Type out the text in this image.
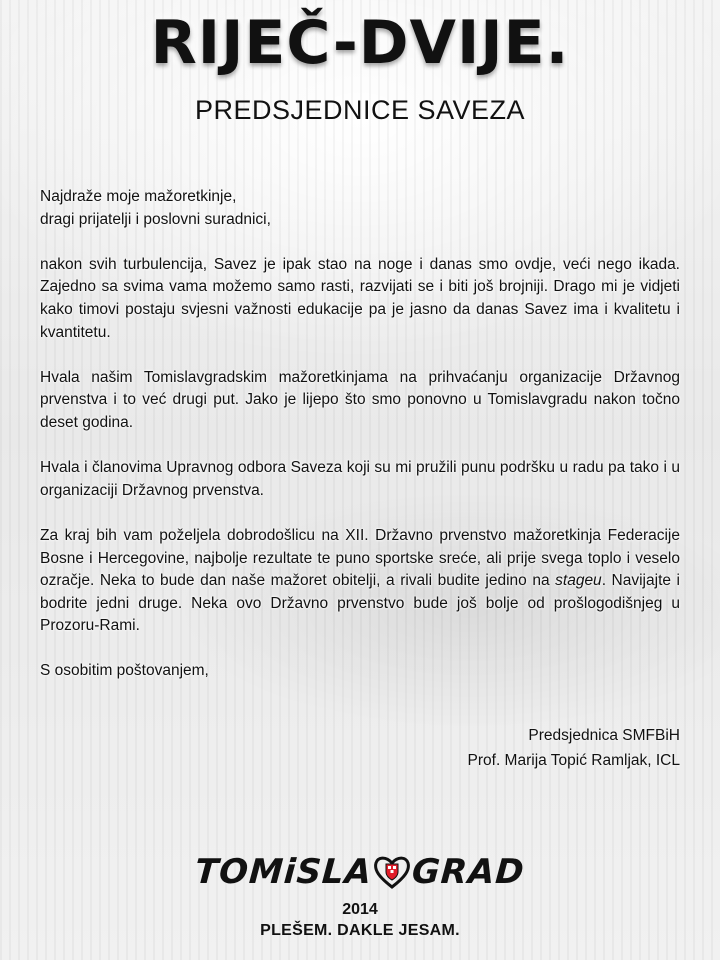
RIJEČ-DVIJE.
PREDSJEDNICE SAVEZA

Najdraže moje mažoretkinje,
dragi prijatelji i poslovni suradnici,

nakon svih turbulencija, Savez je ipak stao na noge i danas smo ovdje, veći nego ikada. Zajedno sa svima vama možemo samo rasti, razvijati se i biti još brojniji. Drago mi je vidjeti kako timovi postaju svjesni važnosti edukacije pa je jasno da danas Savez ima i kvalitetu i kvantitetu.

Hvala našim Tomislavgradskim mažoretkinjama na prihvaćanju organizacije Državnog prvenstva i to već drugi put. Jako je lijepo što smo ponovno u Tomislavgradu nakon točno deset godina.

Hvala i članovima Upravnog odbora Saveza koji su mi pružili punu podršku u radu pa tako i u organizaciji Državnog prvenstva.

Za kraj bih vam poželjela dobrodošlicu na XII. Državno prvenstvo mažoretkinja Federacije Bosne i Hercegovine, najbolje rezultate te puno sportske sreće, ali prije svega toplo i veselo ozračje. Neka to bude dan naše mažoret obitelji, a rivali budite jedino na stageu. Navijajte i bodrite jedni druge. Neka ovo Državno prvenstvo bude još bolje od prošlogodišnjeg u Prozoru-Rami.

S osobitim poštovanjem,

Predsjednica SMFBiH
Prof. Marija Topić Ramljak, ICL
TOMiSLA GRAD
2014
PLEŠEM. DAKLE JESAM.
